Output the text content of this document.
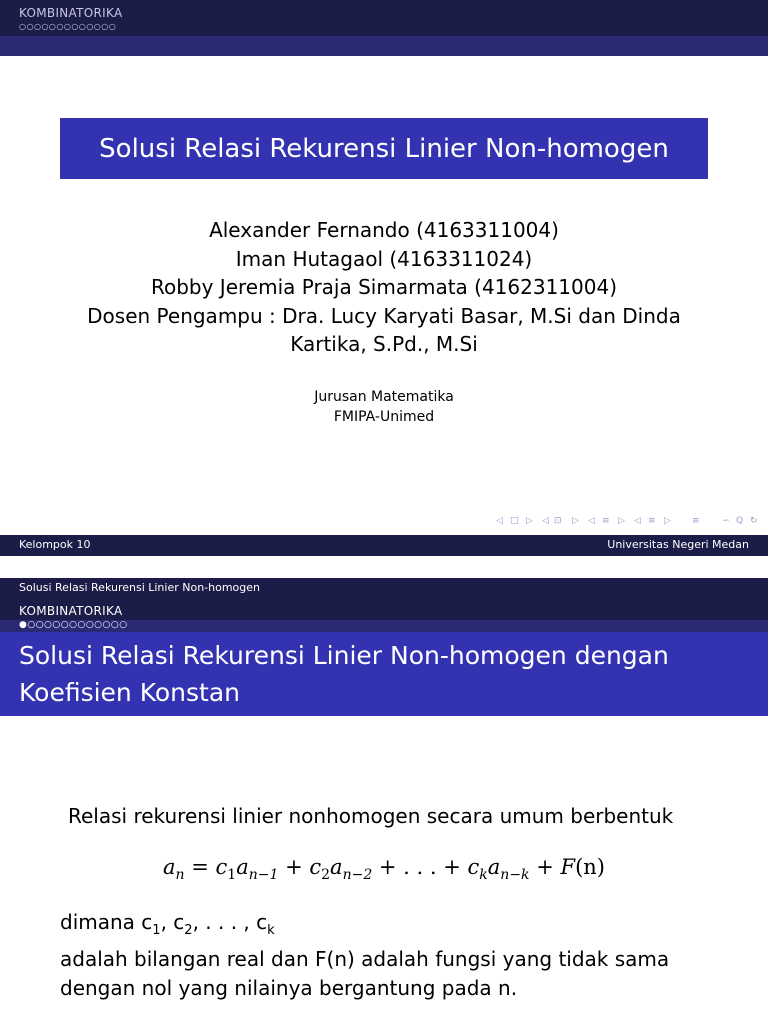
KOMBINATORIKA
○○○○○○○○○○○○○
Solusi Relasi Rekurensi Linier Non-homogen
Alexander Fernando (4163311004)
Iman Hutagaol (4163311024)
Robby Jeremia Praja Simarmata (4162311004)
Dosen Pengampu : Dra. Lucy Karyati Basar, M.Si dan Dinda
Kartika, S.Pd., M.Si
Jurusan Matematika
FMIPA-Unimed
◁ □ ▷ ◁ ⊡ ▷ ◁ ≡ ▷ ◁ ≡ ▷ ≡ ∽ Q ↻
Kelompok 10	Universitas Negeri Medan
Solusi Relasi Rekurensi Linier Non-homogen
KOMBINATORIKA
●○○○○○○○○○○○○
Solusi Relasi Rekurensi Linier Non-homogen dengan
Koefisien Konstan
Relasi rekurensi linier nonhomogen secara umum berbentuk
$a_n = c_1a_{n-1} + c_2a_{n-2}$ + . . . + $c_ka_{n-k} + F(n)$
dimana $c_1$, $c_2$, . . . , $c_k$
adalah bilangan real dan F(n) adalah fungsi yang tidak sama
dengan nol yang nilainya bergantung pada n.
